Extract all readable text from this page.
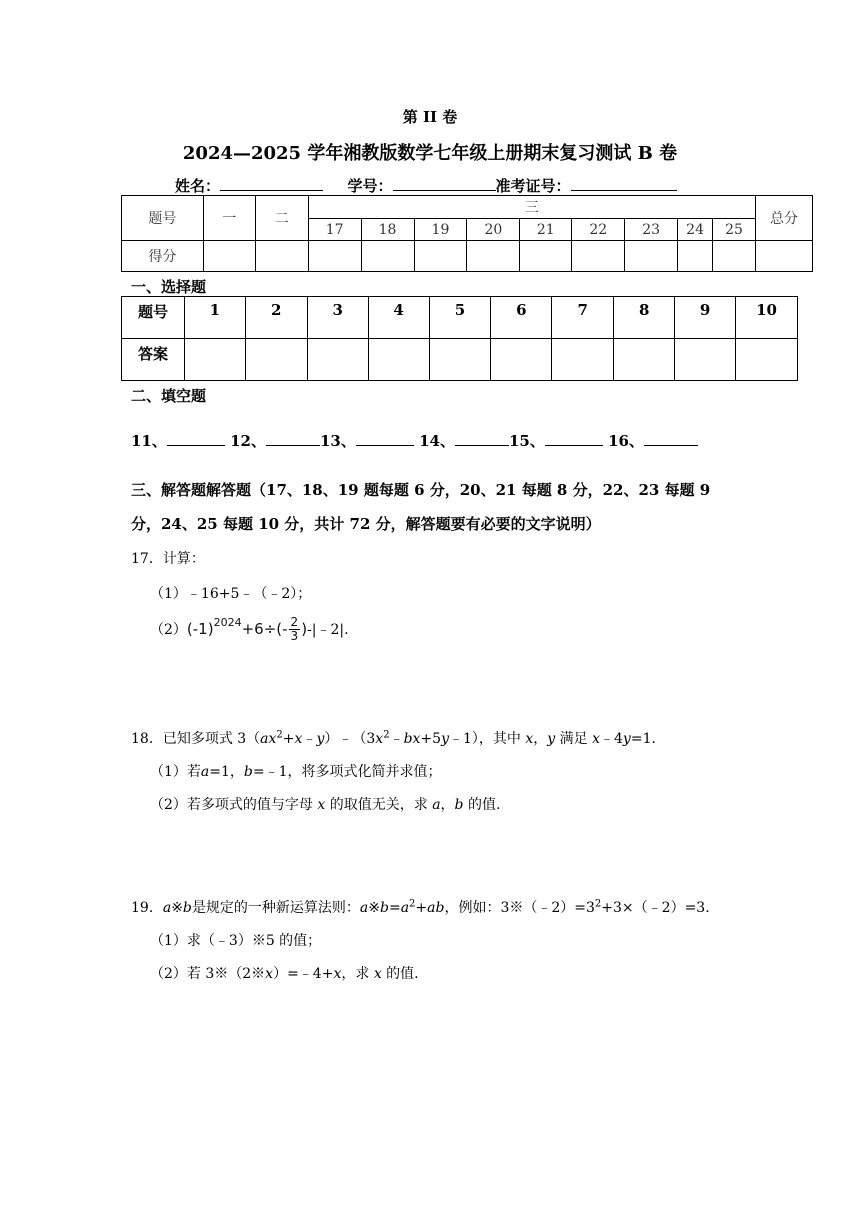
第 II 卷
2024—2025 学年湘教版数学七年级上册期末复习测试 B 卷
姓名：	学号：	准考证号：
题号	一	二	三									总分
			17	18	19	20	21	22	23	24	25	
得分												
一、选择题
题号	1	2	3	4	5	6	7	8	9	10
答案										
二、填空题
11、	12、	13、	14、	15、	16、
三、解答题解答题（17、18、19 题每题 6 分，20、21 每题 8 分，22、23 每题 9
分，24、25 每题 10 分，共计 72 分，解答题要有必要的文字说明）
17．计算：
（1）﹣16+5﹣（﹣2）；
（2） $(-1)^{2024} +6\div(- \frac{2}{3}$ ) -|﹣2|.
18．已知多项式 $3(ax^2+x﹣y)﹣(3x^2﹣bx+5y﹣1)$，其中 x，y 满足 x﹣4y=1.
（1）若a=1，b=﹣1，将多项式化简并求值；
（2）若多项式的值与字母 x 的取值无关，求 a，b 的值.
19．a※b是规定的一种新运算法则：$a※b=a^2+ab$，例如：$3※(﹣2)=3^2+3\times(﹣2)=3$.
（1）求（﹣3）※5 的值；
（2）若 3※（2※x）=﹣4+x，求 x 的值.
